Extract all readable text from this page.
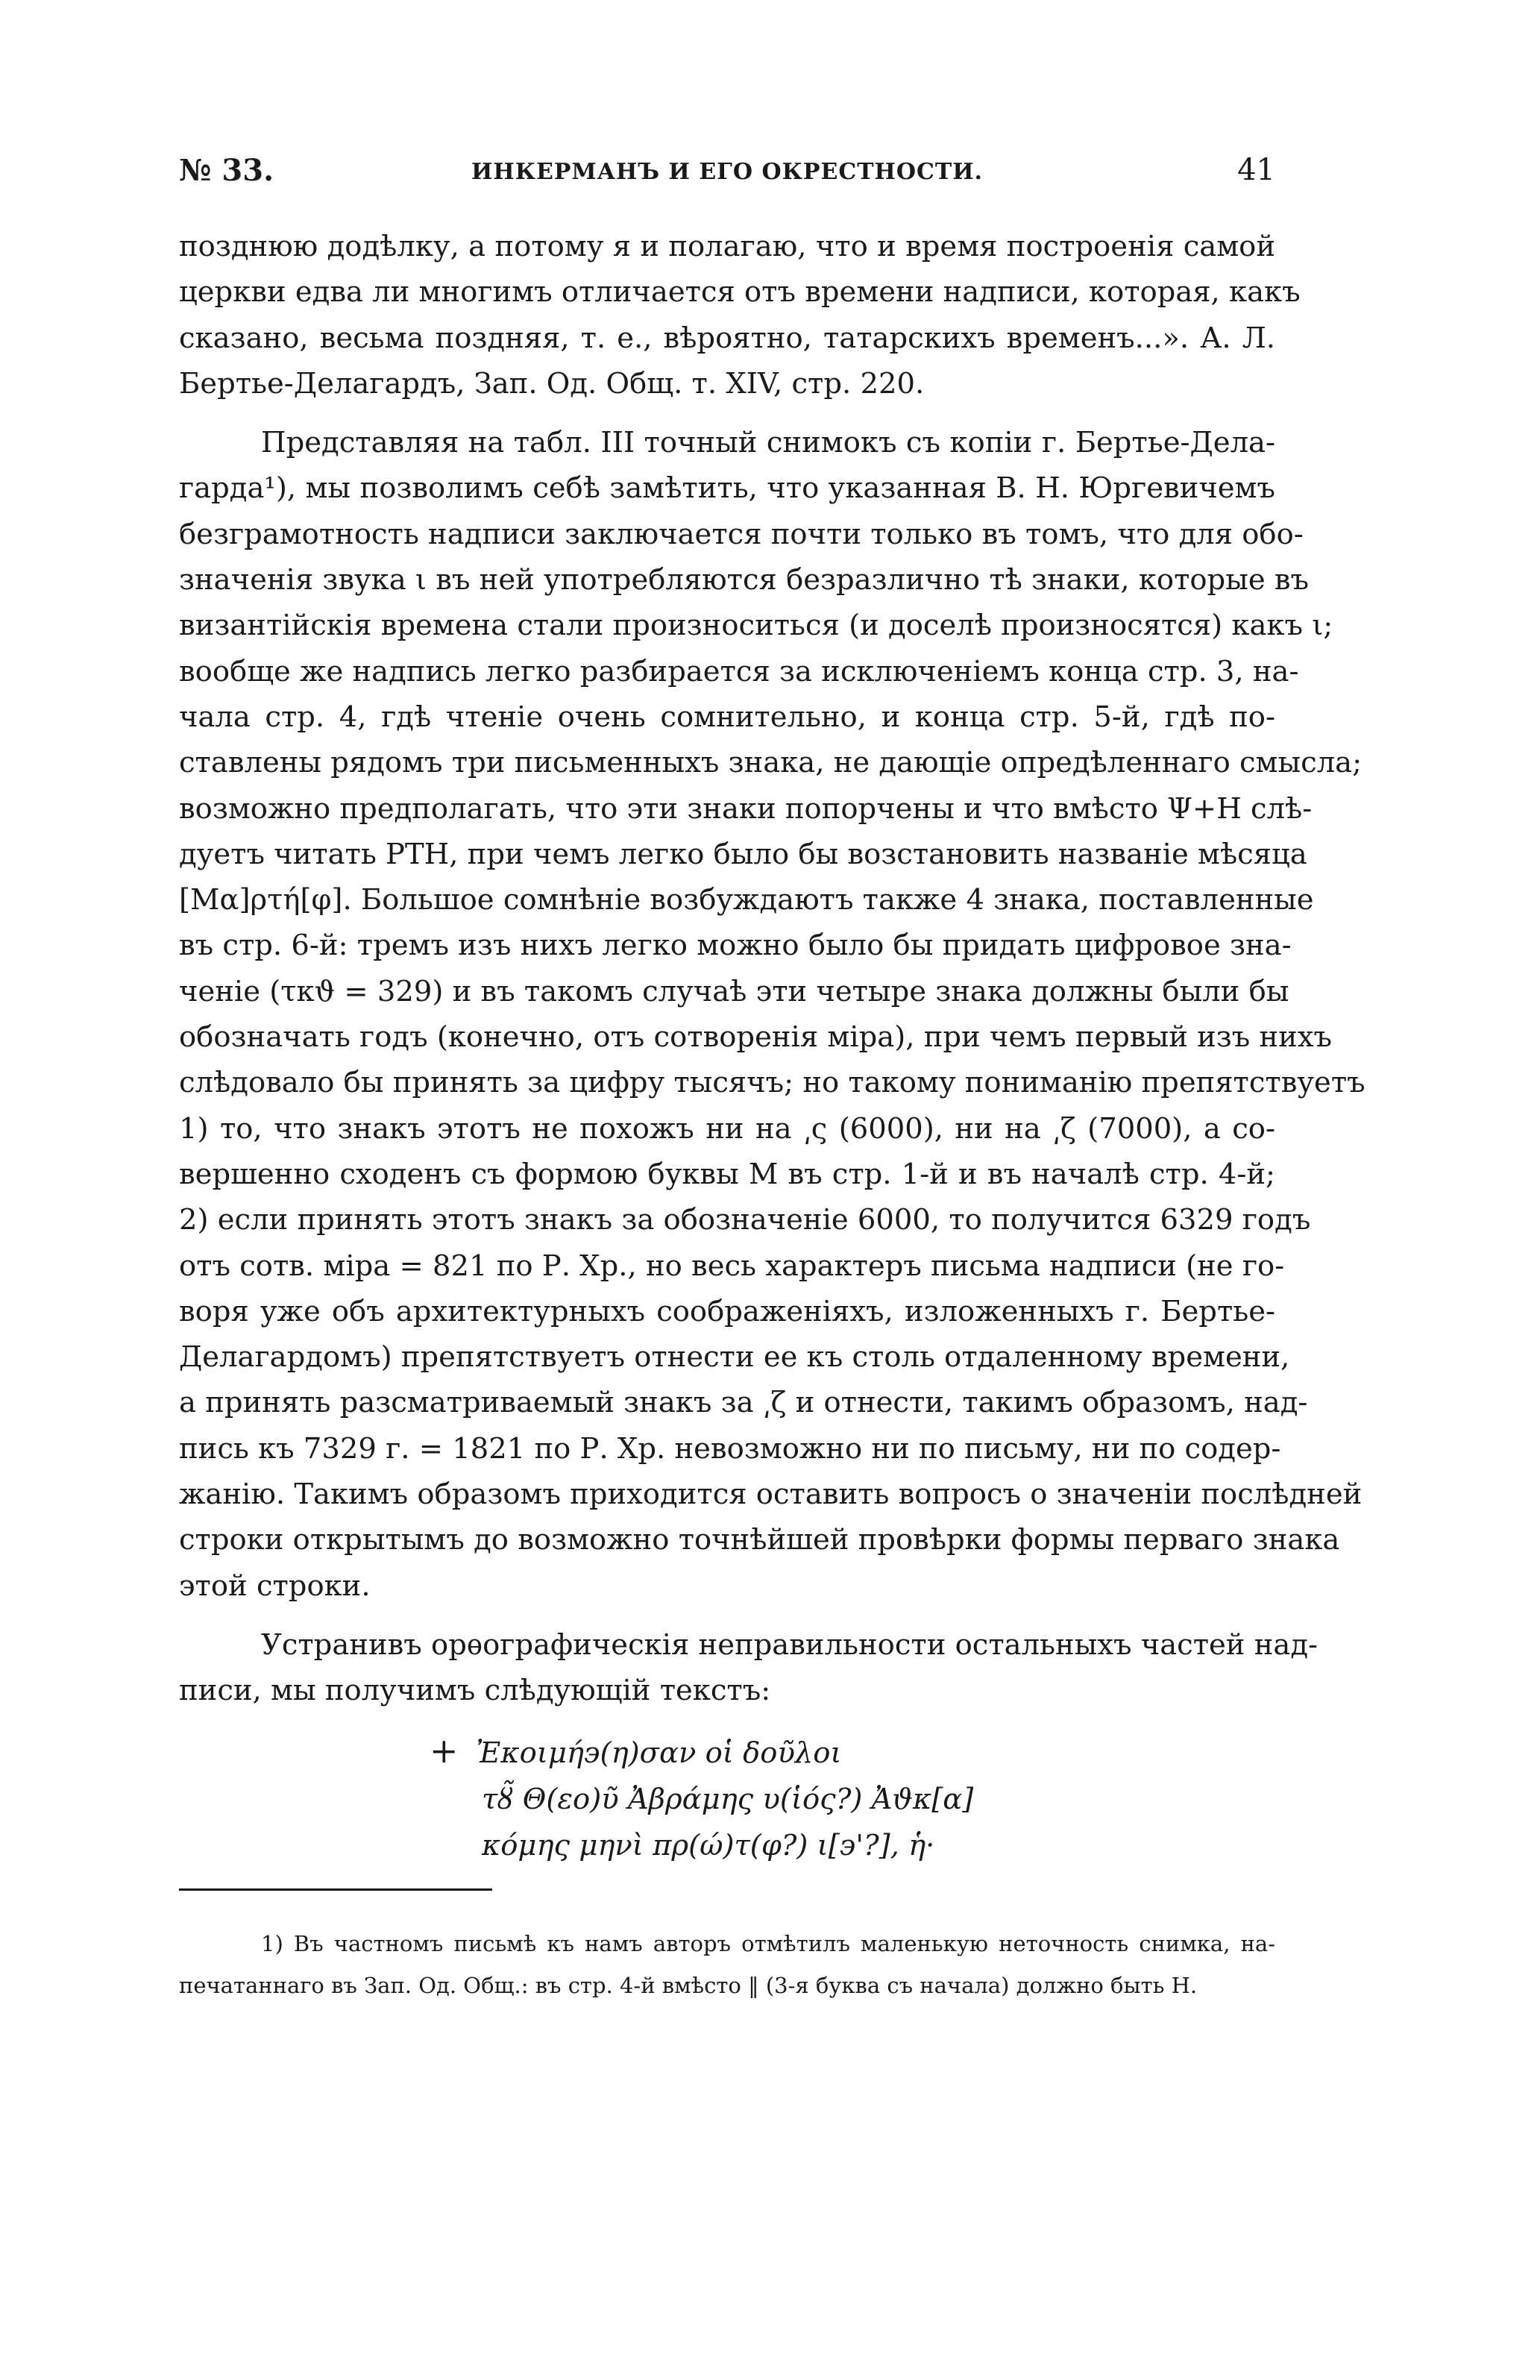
№ 33.	ИНКЕРМАНЪ И ЕГО ОКРЕСТНОСТИ.	41

позднюю додѣлку, а потому я и полагаю, что и время построенія самой
церкви едва ли многимъ отличается отъ времени надписи, которая, какъ
сказано, весьма поздняя, т. е., вѣроятно, татарскихъ временъ...». А. Л.
Бертье-Делагардъ, Зап. Од. Общ. т. XIV, стр. 220.

Представляя на табл. III точный снимокъ съ копіи г. Бертье-Дела-
гарда¹), мы позволимъ себѣ замѣтить, что указанная В. Н. Юргевичемъ
безграмотность надписи заключается почти только въ томъ, что для обо-
значенія звука ι въ ней употребляются безразлично тѣ знаки, которые въ
византійскія времена стали произноситься (и доселѣ произносятся) какъ ι;
вообще же надпись легко разбирается за исключеніемъ конца стр. 3, на-
чала стр. 4, гдѣ чтеніе очень сомнительно, и конца стр. 5-й, гдѣ по-
ставлены рядомъ три письменныхъ знака, не дающіе опредѣленнаго смысла;
возможно предполагать, что эти знаки попорчены и что вмѣсто Ψ+H слѣ-
дуетъ читать PTH, при чемъ легко было бы возстановить названіе мѣсяца
[Μα]ρτή[φ]. Большое сомнѣніе возбуждаютъ также 4 знака, поставленные
въ стр. 6-й: тремъ изъ нихъ легко можно было бы придать цифровое зна-
ченіе (τκϑ = 329) и въ такомъ случаѣ эти четыре знака должны были бы
обозначать годъ (конечно, отъ сотворенія міра), при чемъ первый изъ нихъ
слѣдовало бы принять за цифру тысячъ; но такому пониманію препятствуетъ
1) то, что знакъ этотъ не похожъ ни на ͵ς (6000), ни на ͵ζ (7000), а со-
вершенно сходенъ съ формою буквы M въ стр. 1-й и въ началѣ стр. 4-й;
2) если принять этотъ знакъ за обозначеніе 6000, то получится 6329 годъ
отъ сотв. міра = 821 по Р. Хр., но весь характеръ письма надписи (не го-
воря уже объ архитектурныхъ соображеніяхъ, изложенныхъ г. Бертье-
Делагардомъ) препятствуетъ отнести ее къ столь отдаленному времени,
а принять разсматриваемый знакъ за ͵ζ и отнести, такимъ образомъ, над-
пись къ 7329 г. = 1821 по Р. Хр. невозможно ни по письму, ни по содер-
жанію. Такимъ образомъ приходится оставить вопросъ о значеніи послѣдней
строки открытымъ до возможно точнѣйшей провѣрки формы перваго знака
этой строки.

Устранивъ орѳографическія неправильности остальныхъ частей над-
писи, мы получимъ слѣдующій текстъ:

+ Ἐκοιμή϶(η)σαν οἱ δοῦλοι
τȣ̃ Θ(εο)ῦ Ἀβράμης υ(ἱός?) Ἀϑκ[α]
κόμης μηνὶ πρ(ώ)τ(φ?) ι[϶'?], ἡ·
1) Въ частномъ письмѣ къ намъ авторъ отмѣтилъ маленькую неточность снимка, на-
печатаннаго въ Зап. Од. Общ.: въ стр. 4-й вмѣсто ‖ (3-я буква съ начала) должно быть H.
